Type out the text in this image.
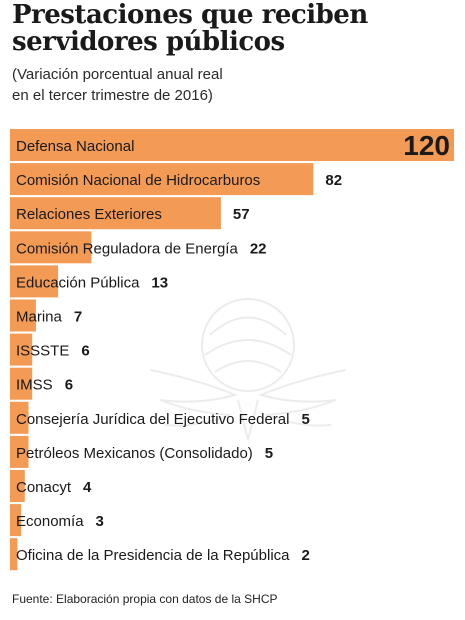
Prestaciones que reciben
servidores públicos
(Variación porcentual anual real
en el tercer trimestre de 2016)
Defensa Nacional	120
Comisión Nacional de Hidrocarburos	82
Relaciones Exteriores	57
Comisión Reguladora de Energía 22
Educación Pública 13
Marina 7
ISSSTE 6
IMSS 6
Consejería Jurídica del Ejecutivo Federal 5
Petróleos Mexicanos (Consolidado) 5
Conacyt 4
Economía 3
Oficina de la Presidencia de la República 2
Fuente: Elaboración propia con datos de la SHCP
